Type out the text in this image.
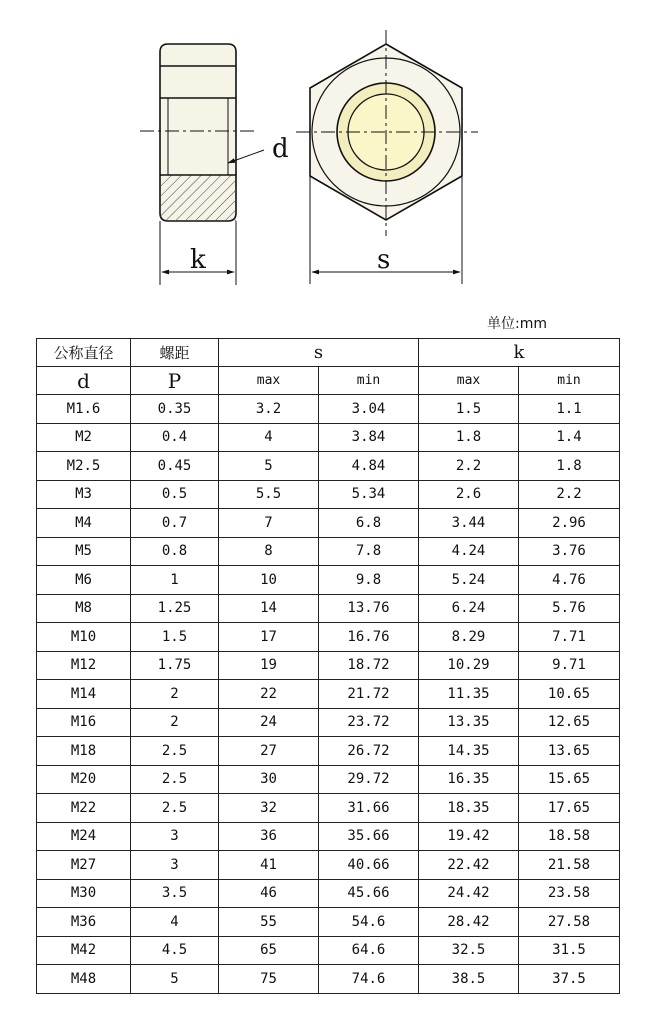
d
k	s
单位:mm
公称直径	螺距	s		k	
d	P	max	min	max	min
M1.6	0.35	3.2	3.04	1.5	1.1
M2	0.4	4	3.84	1.8	1.4
M2.5	0.45	5	4.84	2.2	1.8
M3	0.5	5.5	5.34	2.6	2.2
M4	0.7	7	6.8	3.44	2.96
M5	0.8	8	7.8	4.24	3.76
M6	1	10	9.8	5.24	4.76
M8	1.25	14	13.76	6.24	5.76
M10	1.5	17	16.76	8.29	7.71
M12	1.75	19	18.72	10.29	9.71
M14	2	22	21.72	11.35	10.65
M16	2	24	23.72	13.35	12.65
M18	2.5	27	26.72	14.35	13.65
M20	2.5	30	29.72	16.35	15.65
M22	2.5	32	31.66	18.35	17.65
M24	3	36	35.66	19.42	18.58
M27	3	41	40.66	22.42	21.58
M30	3.5	46	45.66	24.42	23.58
M36	4	55	54.6	28.42	27.58
M42	4.5	65	64.6	32.5	31.5
M48	5	75	74.6	38.5	37.5
